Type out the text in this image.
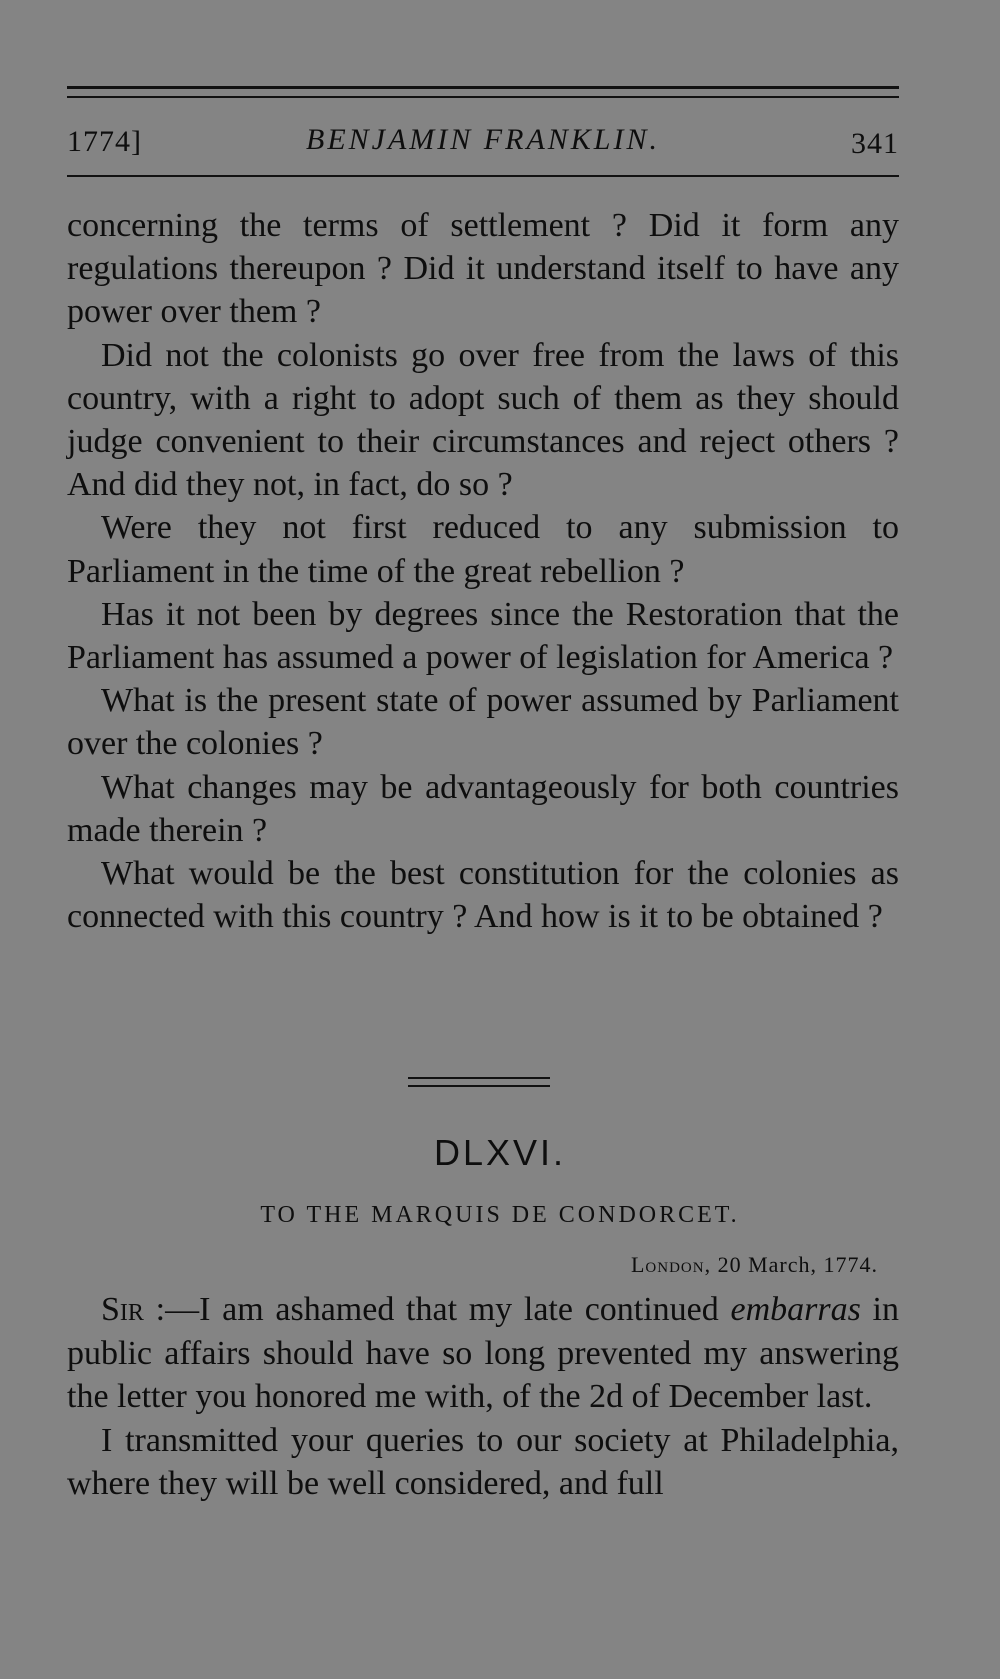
1774]	BENJAMIN FRANKLIN.	341

concerning the terms of settlement ? Did it form any regulations thereupon ? Did it understand itself to have any power over them ?

Did not the colonists go over free from the laws of this country, with a right to adopt such of them as they should judge convenient to their circumstances and reject others ? And did they not, in fact, do so ?

Were they not first reduced to any submission to Parliament in the time of the great rebellion ?

Has it not been by degrees since the Restoration that the Parliament has assumed a power of legislation for America ?

What is the present state of power assumed by Parliament over the colonies ?

What changes may be advantageously for both countries made therein ?

What would be the best constitution for the colonies as connected with this country ? And how is it to be obtained ?

DLXVI.
TO THE MARQUIS DE CONDORCET.
London, 20 March, 1774.

Sir :—I am ashamed that my late continued embarras in public affairs should have so long prevented my answering the letter you honored me with, of the 2d of December last.

I transmitted your queries to our society at Philadelphia, where they will be well considered, and full
